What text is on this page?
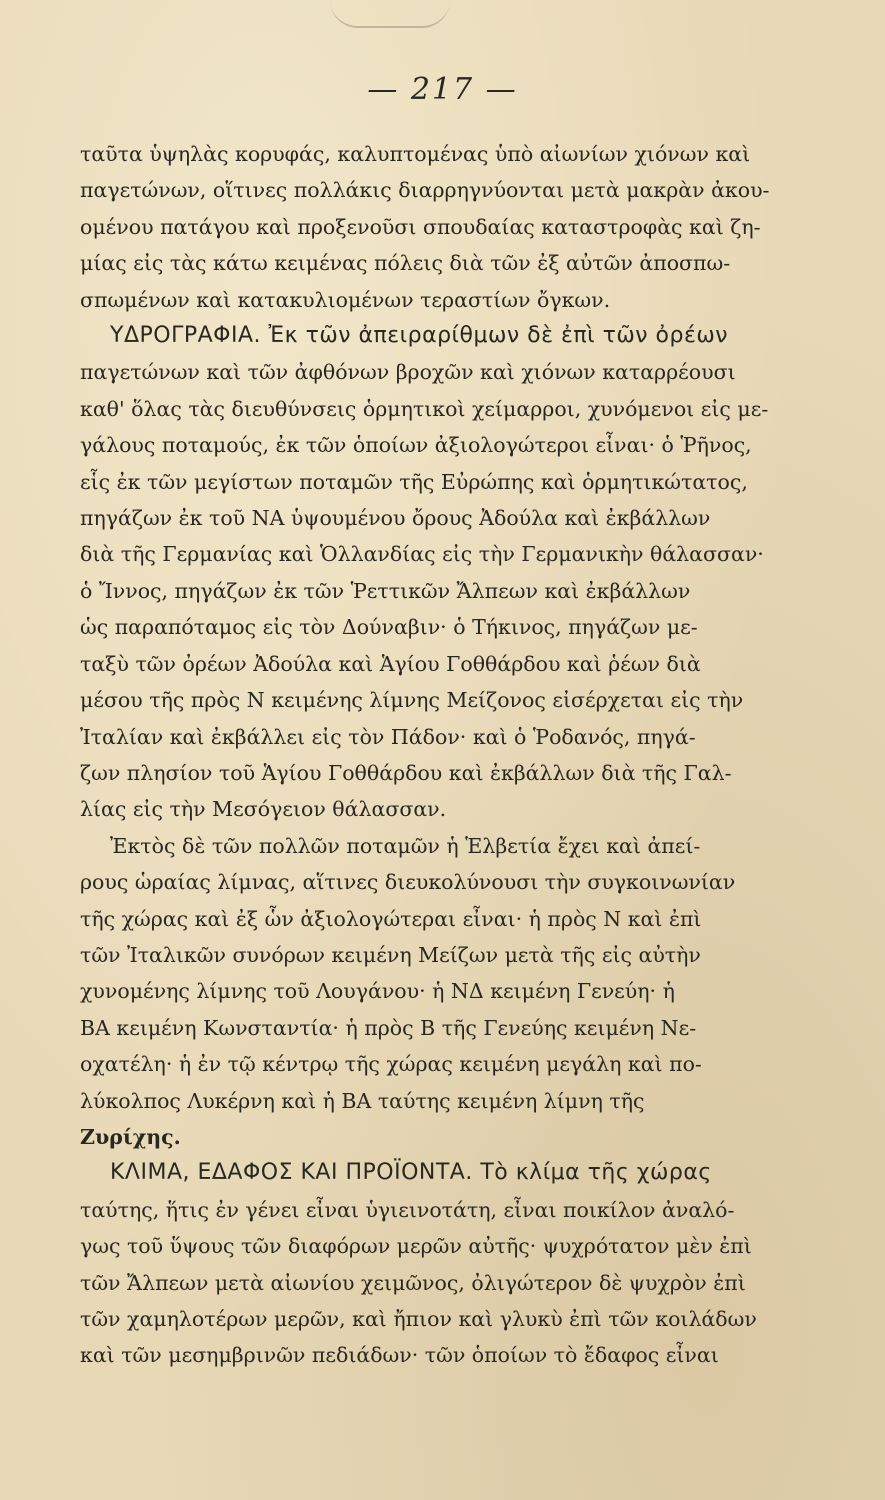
— 217 —
ταῦτα ὑψηλὰς κορυφάς, καλυπτομένας ὑπὸ αἰωνίων χιόνων καὶ
παγετώνων, οἵτινες πολλάκις διαρρηγνύονται μετὰ μακρὰν ἀκου-
ομένου πατάγου καὶ προξενοῦσι σπουδαίας καταστροφὰς καὶ ζη-
μίας εἰς τὰς κάτω κειμένας πόλεις διὰ τῶν ἐξ αὐτῶν ἀποσπω-
σπωμένων καὶ κατακυλιομένων τεραστίων ὄγκων.
ΥΔΡΟΓΡΑΦΙΑ. Ἐκ τῶν ἀπειραρίθμων δὲ ἐπὶ τῶν ὀρέων
παγετώνων καὶ τῶν ἀφθόνων βροχῶν καὶ χιόνων καταρρέουσι
καθ' ὅλας τὰς διευθύνσεις ὁρμητικοὶ χείμαρροι, χυνόμενοι εἰς με-
γάλους ποταμούς, ἐκ τῶν ὁποίων ἀξιολογώτεροι εἶναι· ὁ Ῥῆνος,
εἷς ἐκ τῶν μεγίστων ποταμῶν τῆς Εὐρώπης καὶ ὁρμητικώτατος,
πηγάζων ἐκ τοῦ ΝΑ ὑψουμένου ὄρους Ἀδούλα καὶ ἐκβάλλων
διὰ τῆς Γερμανίας καὶ Ὁλλανδίας εἰς τὴν Γερμανικὴν θάλασσαν·
ὁ Ἴννος, πηγάζων ἐκ τῶν Ῥεττικῶν Ἄλπεων καὶ ἐκβάλλων
ὡς παραπόταμος εἰς τὸν Δούναβιν· ὁ Τήκινος, πηγάζων με-
ταξὺ τῶν ὀρέων Ἀδούλα καὶ Ἁγίου Γοθθάρδου καὶ ῥέων διὰ
μέσου τῆς πρὸς Ν κειμένης λίμνης Μείζονος εἰσέρχεται εἰς τὴν
Ἰταλίαν καὶ ἐκβάλλει εἰς τὸν Πάδον· καὶ ὁ Ῥοδανός, πηγά-
ζων πλησίον τοῦ Ἁγίου Γοθθάρδου καὶ ἐκβάλλων διὰ τῆς Γαλ-
λίας εἰς τὴν Μεσόγειον θάλασσαν.
Ἐκτὸς δὲ τῶν πολλῶν ποταμῶν ἡ Ἑλβετία ἔχει καὶ ἀπεί-
ρους ὡραίας λίμνας, αἵτινες διευκολύνουσι τὴν συγκοινωνίαν
τῆς χώρας καὶ ἐξ ὧν ἀξιολογώτεραι εἶναι· ἡ πρὸς Ν καὶ ἐπὶ
τῶν Ἰταλικῶν συνόρων κειμένη Μείζων μετὰ τῆς εἰς αὐτὴν
χυνομένης λίμνης τοῦ Λουγάνου· ἡ ΝΔ κειμένη Γενεύη· ἡ
ΒΑ κειμένη Κωνσταντία· ἡ πρὸς Β τῆς Γενεύης κειμένη Νε-
οχατέλη· ἡ ἐν τῷ κέντρῳ τῆς χώρας κειμένη μεγάλη καὶ πο-
λύκολπος Λυκέρνη καὶ ἡ ΒΑ ταύτης κειμένη λίμνη τῆς
Ζυρίχης.
ΚΛΙΜΑ, ΕΔΑΦΟΣ ΚΑΙ ΠΡΟΪΟΝΤΑ. Τὸ κλίμα τῆς χώρας
ταύτης, ἥτις ἐν γένει εἶναι ὑγιεινοτάτη, εἶναι ποικίλον ἀναλό-
γως τοῦ ὕψους τῶν διαφόρων μερῶν αὐτῆς· ψυχρότατον μὲν ἐπὶ
τῶν Ἄλπεων μετὰ αἰωνίου χειμῶνος, ὀλιγώτερον δὲ ψυχρὸν ἐπὶ
τῶν χαμηλοτέρων μερῶν, καὶ ἤπιον καὶ γλυκὺ ἐπὶ τῶν κοιλάδων
καὶ τῶν μεσημβρινῶν πεδιάδων· τῶν ὁποίων τὸ ἔδαφος εἶναι
